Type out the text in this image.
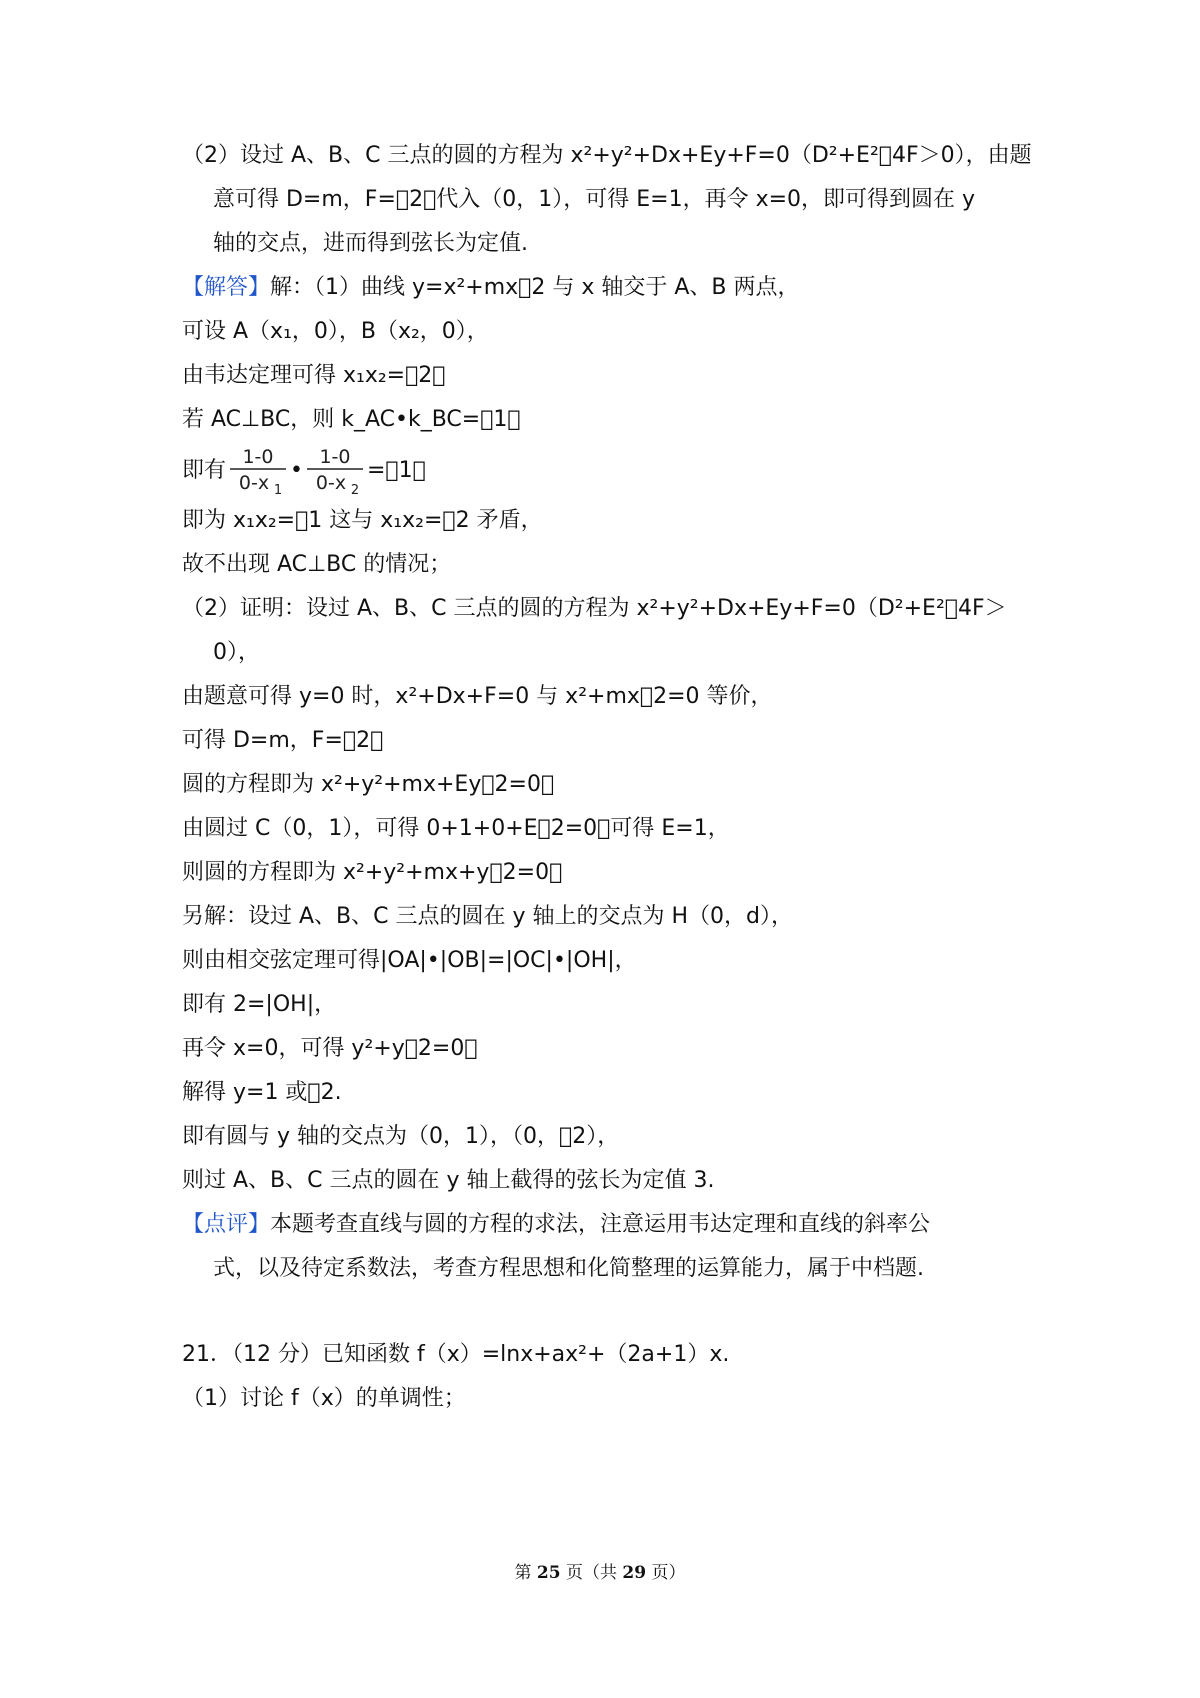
（2）设过 A、B、C 三点的圆的方程为 x²+y²+Dx+Ey+F=0（D²+E²￿4F＞0），由题
意可得 D=m，F=￿2，代入（0，1），可得 E=1，再令 x=0，即可得到圆在 y
轴的交点，进而得到弦长为定值.
【解答】解：（1）曲线 y=x²+mx￿2 与 x 轴交于 A、B 两点，
可设 A（x₁，0），B（x₂，0），
由韦达定理可得 x₁x₂=￿2，
若 AC⊥BC，则 k_AC•k_BC=￿1，
即有
1-0
0-x 1
•
1-0
0-x 2
=￿1，
即为 x₁x₂=￿1 这与 x₁x₂=￿2 矛盾，
故不出现 AC⊥BC 的情况；
（2）证明：设过 A、B、C 三点的圆的方程为 x²+y²+Dx+Ey+F=0（D²+E²￿4F＞
0），
由题意可得 y=0 时，x²+Dx+F=0 与 x²+mx￿2=0 等价，
可得 D=m，F=￿2，
圆的方程即为 x²+y²+mx+Ey￿2=0，
由圆过 C（0，1），可得 0+1+0+E￿2=0，可得 E=1，
则圆的方程即为 x²+y²+mx+y￿2=0，
另解：设过 A、B、C 三点的圆在 y 轴上的交点为 H（0，d），
则由相交弦定理可得|OA|•|OB|=|OC|•|OH|，
即有 2=|OH|，
再令 x=0，可得 y²+y￿2=0，
解得 y=1 或￿2.
即有圆与 y 轴的交点为（0，1），（0，￿2），
则过 A、B、C 三点的圆在 y 轴上截得的弦长为定值 3.
【点评】本题考查直线与圆的方程的求法，注意运用韦达定理和直线的斜率公
式，以及待定系数法，考查方程思想和化简整理的运算能力，属于中档题.
21．（12 分）已知函数 f（x）=lnx+ax²+（2a+1）x.
（1）讨论 f（x）的单调性；
第 25 页（共 29 页）
